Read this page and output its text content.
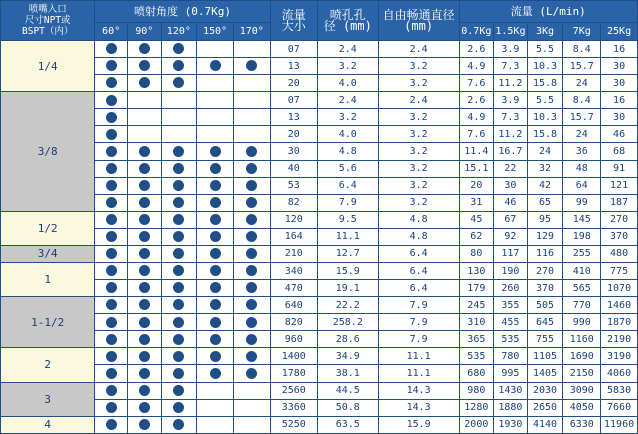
喷嘴入口
尺寸NPT或
BSPT（内）	喷射角度 (0.7Kg)					流量
大小	喷孔孔
径 (mm)	自由畅通直径
(mm)	流量 (L/min)				
	60°	90°	120°	150°	170°				0.7Kg	1.5Kg	3Kg	7Kg	25Kg
1/4						07	2.4	2.4	2.6	3.9	5.5	8.4	16
						13	3.2	3.2	4.9	7.3	10.3	15.7	30
						20	4.0	3.2	7.6	11.2	15.8	24	30
3/8						07	2.4	2.4	2.6	3.9	5.5	8.4	16
						13	3.2	3.2	4.9	7.3	10.3	15.7	30
						20	4.0	3.2	7.6	11.2	15.8	24	46
						30	4.8	3.2	11.4	16.7	24	36	68
						40	5.6	3.2	15.1	22	32	48	91
						53	6.4	3.2	20	30	42	64	121
						82	7.9	3.2	31	46	65	99	187
1/2						120	9.5	4.8	45	67	95	145	270
						164	11.1	4.8	62	92	129	198	370
3/4						210	12.7	6.4	80	117	116	255	480
1						340	15.9	6.4	130	190	270	410	775
						470	19.1	6.4	179	260	370	565	1070
1-1/2						640	22.2	7.9	245	355	505	770	1460
						820	258.2	7.9	310	455	645	990	1870
						960	28.6	7.9	365	535	755	1160	2190
2						1400	34.9	11.1	535	780	1105	1690	3190
						1780	38.1	11.1	680	995	1405	2150	4060
3						2560	44.5	14.3	980	1430	2030	3090	5830
						3360	50.8	14.3	1280	1880	2650	4050	7660
4						5250	63.5	15.9	2000	1930	4140	6330	11960
